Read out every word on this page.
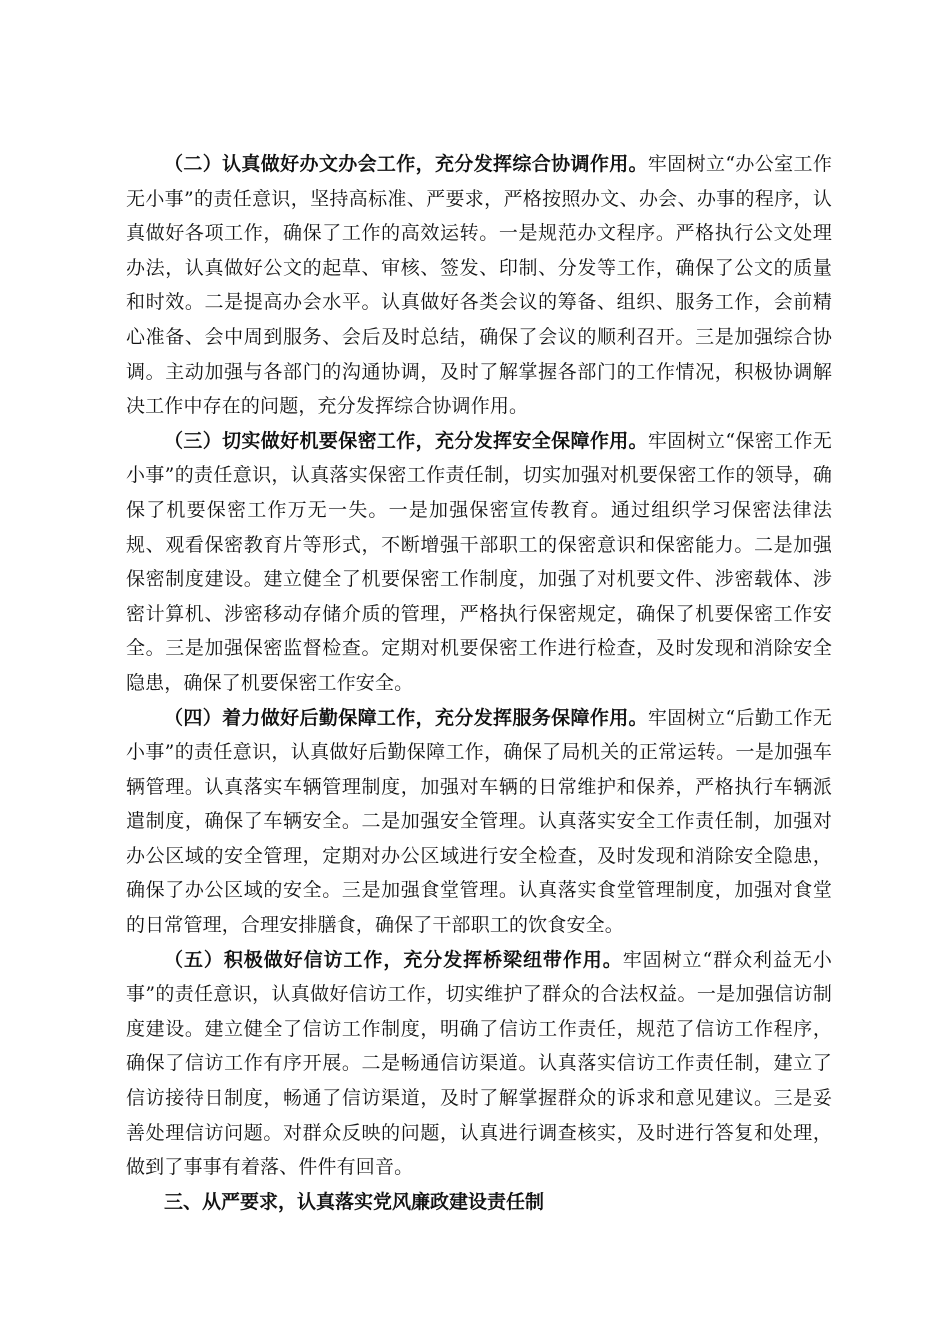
（二）认真做好办文办会工作，充分发挥综合协调作用。牢固树立“办公室工作无小事”的责任意识，坚持高标准、严要求，严格按照办文、办会、办事的程序，认真做好各项工作，确保了工作的高效运转。一是规范办文程序。严格执行公文处理办法，认真做好公文的起草、审核、签发、印制、分发等工作，确保了公文的质量和时效。二是提高办会水平。认真做好各类会议的筹备、组织、服务工作，会前精心准备、会中周到服务、会后及时总结，确保了会议的顺利召开。三是加强综合协调。主动加强与各部门的沟通协调，及时了解掌握各部门的工作情况，积极协调解决工作中存在的问题，充分发挥综合协调作用。

（三）切实做好机要保密工作，充分发挥安全保障作用。牢固树立“保密工作无小事”的责任意识，认真落实保密工作责任制，切实加强对机要保密工作的领导，确保了机要保密工作万无一失。一是加强保密宣传教育。通过组织学习保密法律法规、观看保密教育片等形式，不断增强干部职工的保密意识和保密能力。二是加强保密制度建设。建立健全了机要保密工作制度，加强了对机要文件、涉密载体、涉密计算机、涉密移动存储介质的管理，严格执行保密规定，确保了机要保密工作安全。三是加强保密监督检查。定期对机要保密工作进行检查，及时发现和消除安全隐患，确保了机要保密工作安全。

（四）着力做好后勤保障工作，充分发挥服务保障作用。牢固树立“后勤工作无小事”的责任意识，认真做好后勤保障工作，确保了局机关的正常运转。一是加强车辆管理。认真落实车辆管理制度，加强对车辆的日常维护和保养，严格执行车辆派遣制度，确保了车辆安全。二是加强安全管理。认真落实安全工作责任制，加强对办公区域的安全管理，定期对办公区域进行安全检查，及时发现和消除安全隐患，确保了办公区域的安全。三是加强食堂管理。认真落实食堂管理制度，加强对食堂的日常管理，合理安排膳食，确保了干部职工的饮食安全。

（五）积极做好信访工作，充分发挥桥梁纽带作用。牢固树立“群众利益无小事”的责任意识，认真做好信访工作，切实维护了群众的合法权益。一是加强信访制度建设。建立健全了信访工作制度，明确了信访工作责任，规范了信访工作程序，确保了信访工作有序开展。二是畅通信访渠道。认真落实信访工作责任制，建立了信访接待日制度，畅通了信访渠道，及时了解掌握群众的诉求和意见建议。三是妥善处理信访问题。对群众反映的问题，认真进行调查核实，及时进行答复和处理，做到了事事有着落、件件有回音。

三、从严要求，认真落实党风廉政建设责任制
